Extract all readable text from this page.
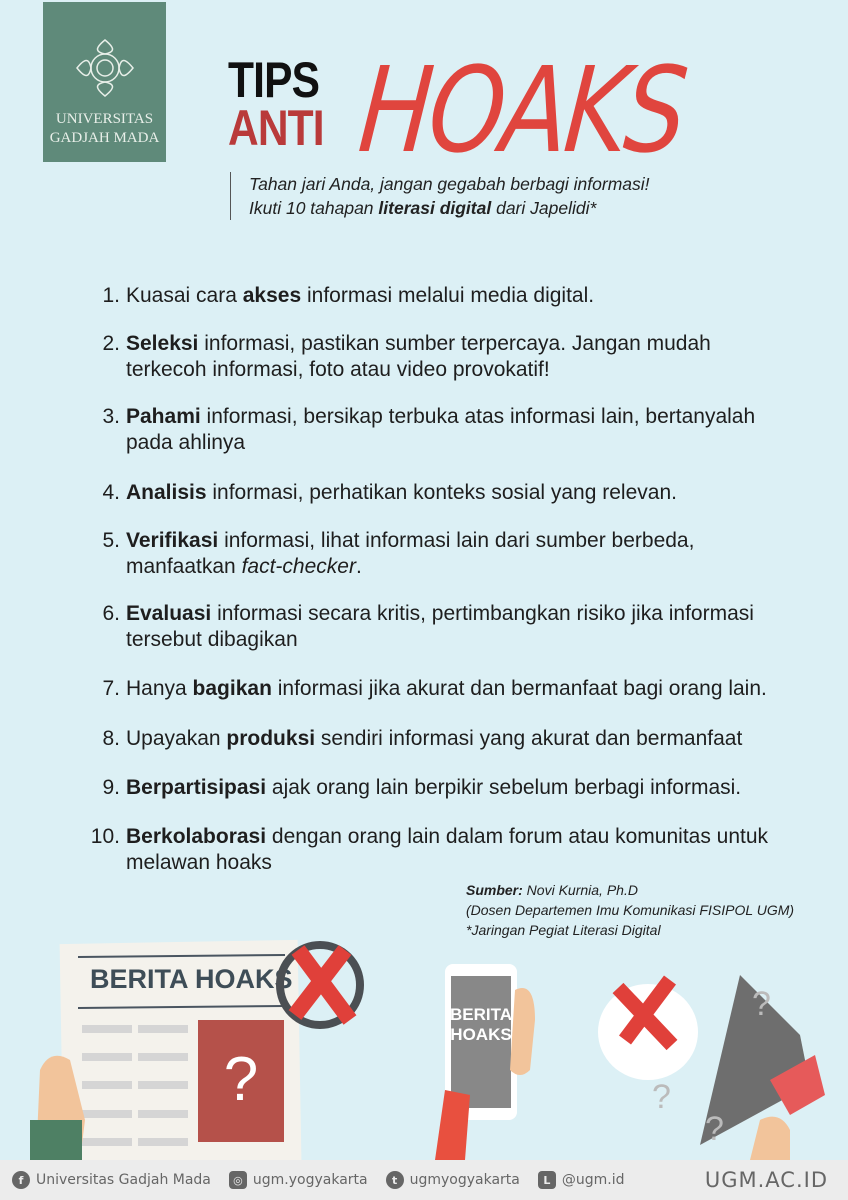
UNIVERSITAS
GADJAH MADA
TIPS
ANTI HOAKS
Tahan jari Anda, jangan gegabah berbagi informasi!
Ikuti 10 tahapan literasi digital dari Japelidi*
1. Kuasai cara akses informasi melalui media digital.
2. Seleksi informasi, pastikan sumber terpercaya. Jangan mudah terkecoh informasi, foto atau video provokatif!
3. Pahami informasi, bersikap terbuka atas informasi lain, bertanyalah pada ahlinya
4. Analisis informasi, perhatikan konteks sosial yang relevan.
5. Verifikasi informasi, lihat informasi lain dari sumber berbeda, manfaatkan fact-checker.
6. Evaluasi informasi secara kritis, pertimbangkan risiko jika informasi tersebut dibagikan
7. Hanya bagikan informasi jika akurat dan bermanfaat bagi orang lain.
8. Upayakan produksi sendiri informasi yang akurat dan bermanfaat
9. Berpartisipasi ajak orang lain berpikir sebelum berbagi informasi.
10. Berkolaborasi dengan orang lain dalam forum atau komunitas untuk melawan hoaks
Sumber: Novi Kurnia, Ph.D
(Dosen Departemen Imu Komunikasi FISIPOL UGM)
*Jaringan Pegiat Literasi Digital
BERITA HOAKS
?
BERITA
HOAKS
?
?
?
f Universitas Gadjah Mada	◎ ugm.yogyakarta	t ugmyogyakarta	L @ugm.id	UGM.AC.ID
